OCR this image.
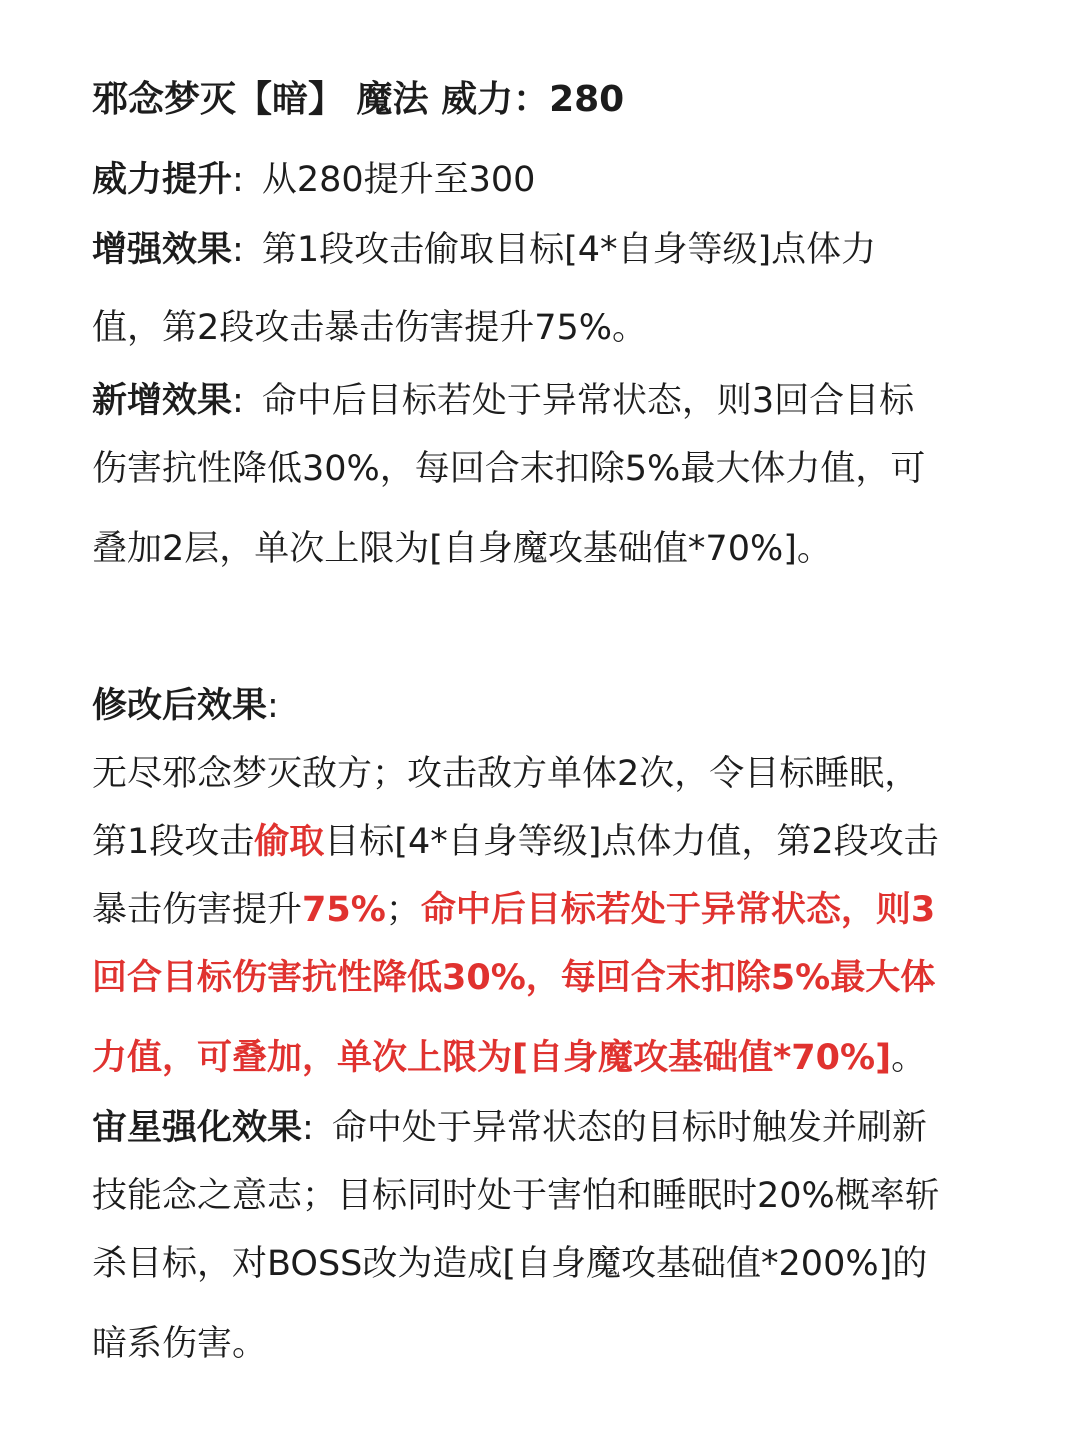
邪念梦灭【暗】 魔法 威力：280

威力提升: 从280提升至300

增强效果: 第1段攻击偷取目标[4*自身等级]点体力

值，第2段攻击暴击伤害提升75%。

新增效果: 命中后目标若处于异常状态，则3回合目标

伤害抗性降低30%，每回合末扣除5%最大体力值，可

叠加2层，单次上限为[自身魔攻基础值*70%]。

修改后效果:

无尽邪念梦灭敌方；攻击敌方单体2次，令目标睡眠，

第1段攻击偷取目标[4*自身等级]点体力值，第2段攻击

暴击伤害提升75%；命中后目标若处于异常状态，则3

回合目标伤害抗性降低30%，每回合末扣除5%最大体

力值，可叠加，单次上限为[自身魔攻基础值*70%]。

宙星强化效果: 命中处于异常状态的目标时触发并刷新

技能念之意志；目标同时处于害怕和睡眠时20%概率斩

杀目标，对BOSS改为造成[自身魔攻基础值*200%]的

暗系伤害。
